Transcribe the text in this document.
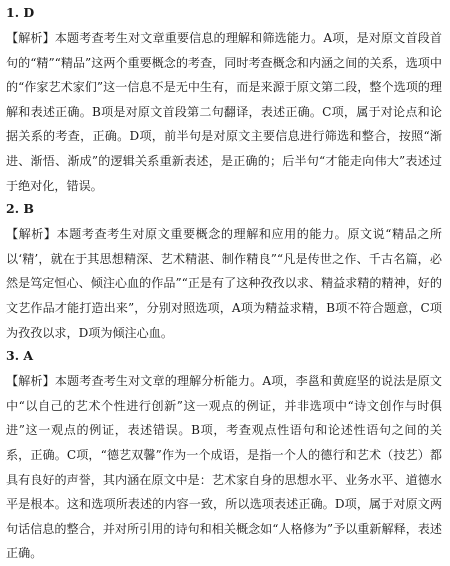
1. D

【解析】本题考查考生对文章重要信息的理解和筛选能力。A项，是对原文首段首句的“精”“精品”这两个重要概念的考查，同时考查概念和内涵之间的关系，选项中的“作家艺术家们”这一信息不是无中生有，而是来源于原文第二段，整个选项的理解和表述正确。B项是对原文首段第二句翻译，表述正确。C项，属于对论点和论据关系的考查，正确。D项，前半句是对原文主要信息进行筛选和整合，按照“渐进、渐悟、渐成”的逻辑关系重新表述，是正确的；后半句“才能走向伟大”表述过于绝对化，错误。

2. B

【解析】本题考查考生对原文重要概念的理解和应用的能力。原文说“精品之所以‘精’，就在于其思想精深、艺术精湛、制作精良”“凡是传世之作、千古名篇，必然是笃定恒心、倾注心血的作品”“正是有了这种孜孜以求、精益求精的精神，好的文艺作品才能打造出来”，分别对照选项，A项为精益求精，B项不符合题意，C项为孜孜以求，D项为倾注心血。

3. A

【解析】本题考查考生对文章的理解分析能力。A项，李邕和黄庭坚的说法是原文中“以自己的艺术个性进行创新”这一观点的例证，并非选项中“诗文创作与时俱进”这一观点的例证，表述错误。B项，考查观点性语句和论述性语句之间的关系，正确。C项，“德艺双馨”作为一个成语，是指一个人的德行和艺术（技艺）都具有良好的声誉，其内涵在原文中是：艺术家自身的思想水平、业务水平、道德水平是根本。这和选项所表述的内容一致，所以选项表述正确。D项，属于对原文两句话信息的整合，并对所引用的诗句和相关概念如“人格修为”予以重新解释，表述正确。
